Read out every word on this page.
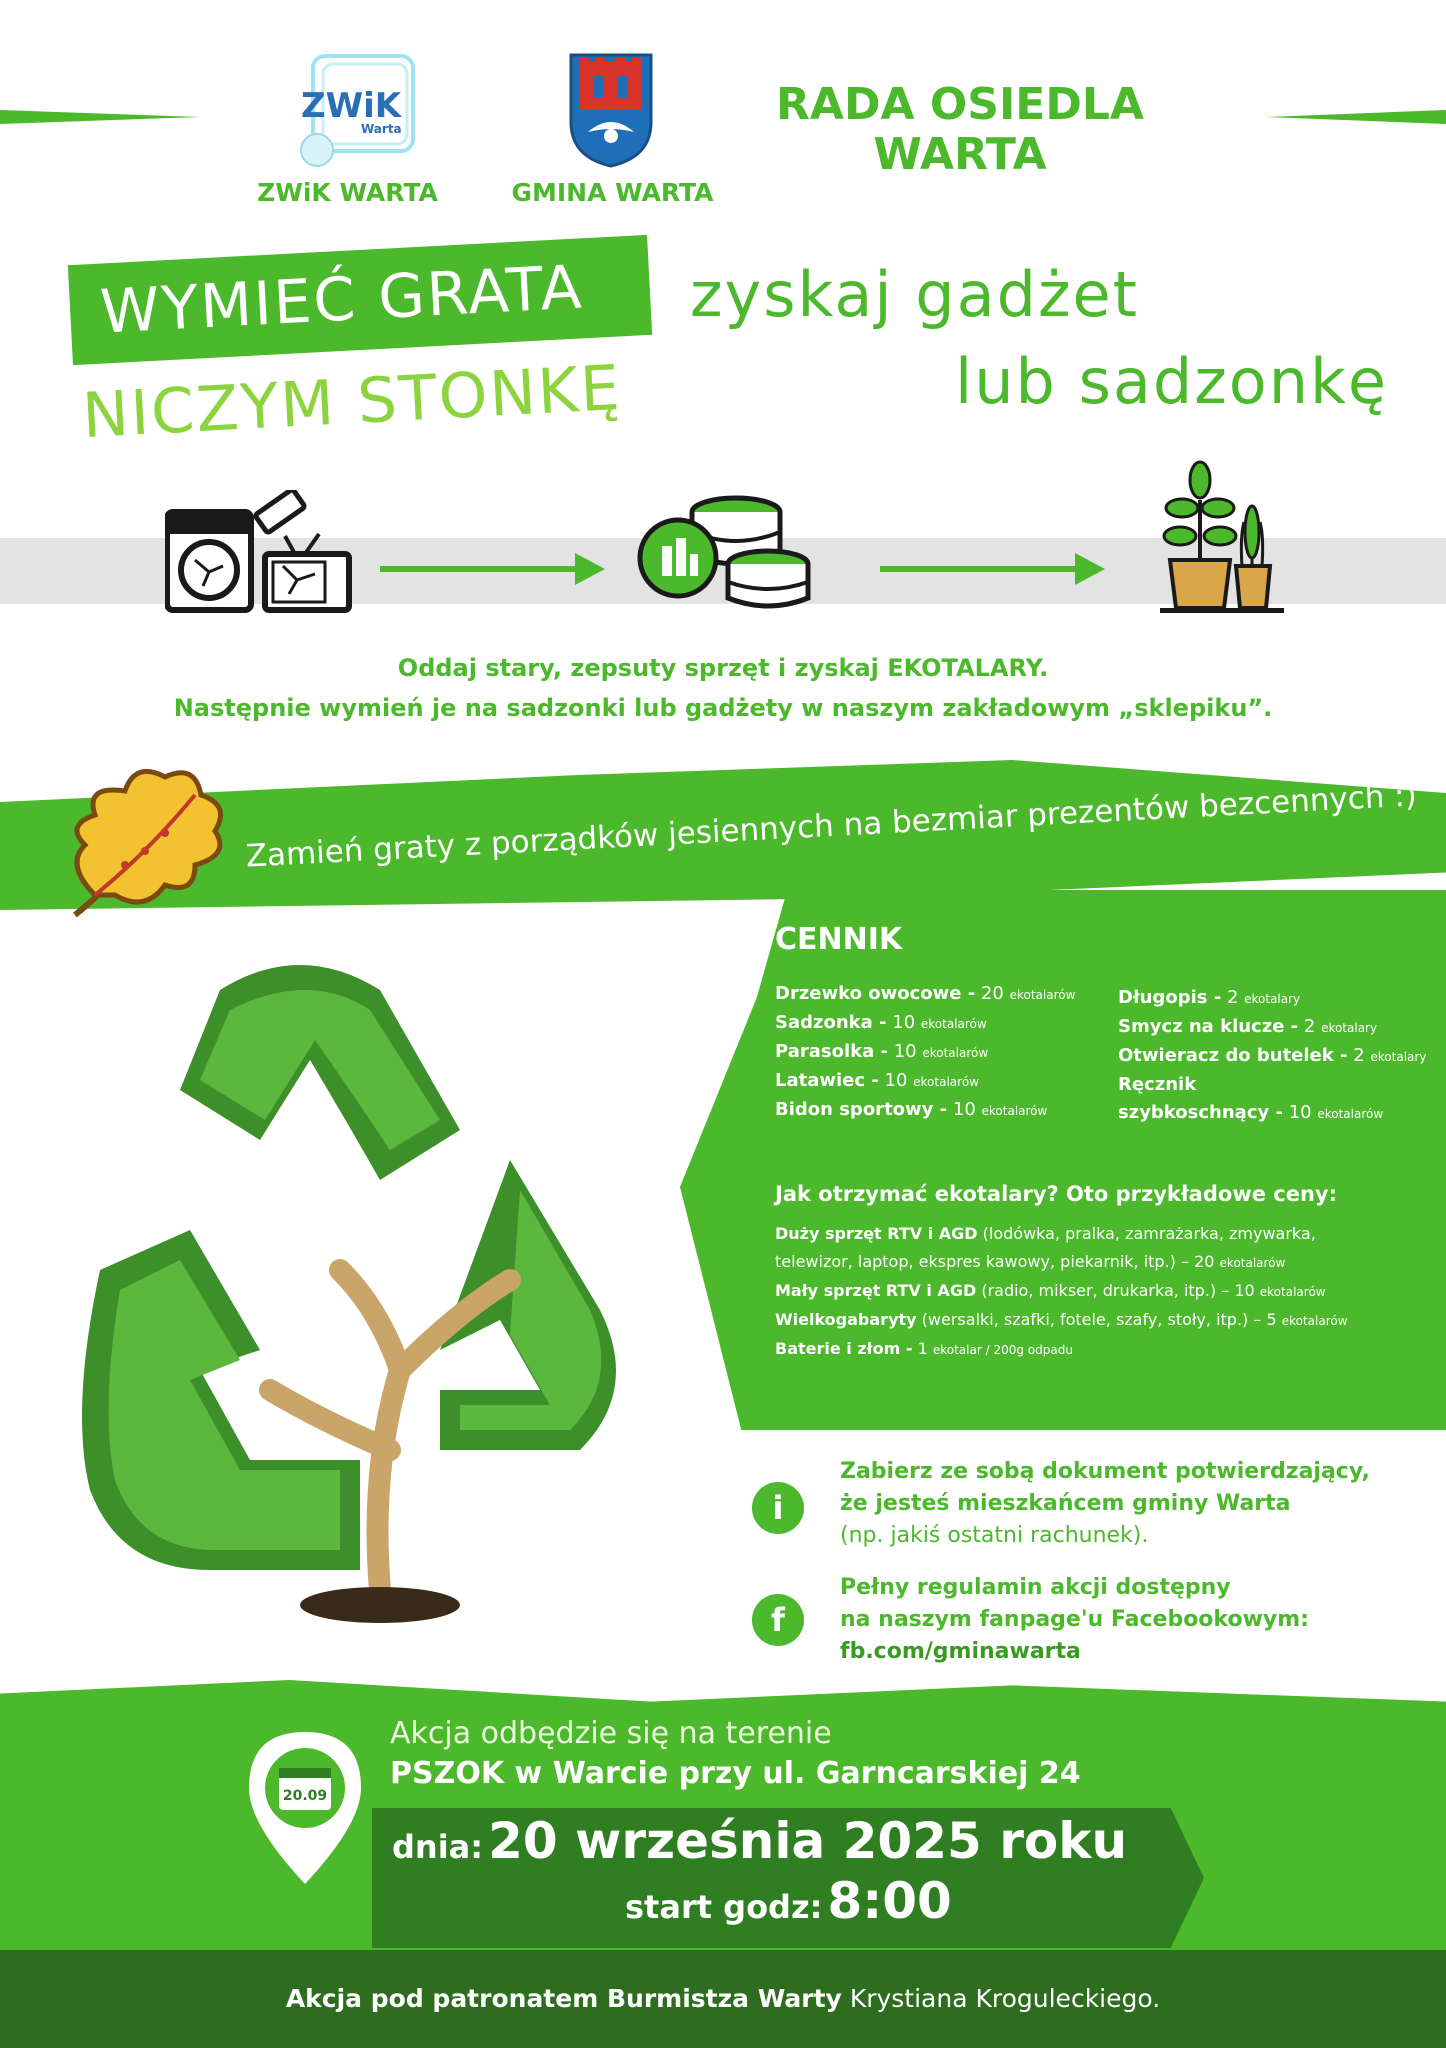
ZWiK
Warta
ZWiK WARTA	GMINA WARTA
RADA OSIEDLA
WARTA
WYMIEĆ GRATA
NICZYM STONKĘ
zyskaj gadżet
lub sadzonkę
Oddaj stary, zepsuty sprzęt i zyskaj EKOTALARY.
Następnie wymień je na sadzonki lub gadżety w naszym zakładowym „sklepiku”.
Zamień graty z porządków jesiennych na bezmiar prezentów bezcennych :)
CENNIK
Drzewko owocowe - 20 ekotalarów
Sadzonka - 10 ekotalarów
Parasolka - 10 ekotalarów
Latawiec - 10 ekotalarów
Bidon sportowy - 10 ekotalarów
Długopis - 2 ekotalary
Smycz na klucze - 2 ekotalary
Otwieracz do butelek - 2 ekotalary
Ręcznik
szybkoschnący - 10 ekotalarów
Jak otrzymać ekotalary? Oto przykładowe ceny:
Duży sprzęt RTV i AGD (lodówka, pralka, zamrażarka, zmywarka,
telewizor, laptop, ekspres kawowy, piekarnik, itp.) – 20 ekotalarów
Mały sprzęt RTV i AGD (radio, mikser, drukarka, itp.) – 10 ekotalarów
Wielkogabaryty (wersalki, szafki, fotele, szafy, stoły, itp.) – 5 ekotalarów
Baterie i złom - 1 ekotalar / 200g odpadu
i
Zabierz ze sobą dokument potwierdzający,
że jesteś mieszkańcem gminy Warta
(np. jakiś ostatni rachunek).
f
Pełny regulamin akcji dostępny
na naszym fanpage'u Facebookowym:
fb.com/gminawarta
20.09
Akcja odbędzie się na terenie
PSZOK w Warcie przy ul. Garncarskiej 24
dnia: 20 września 2025 roku
start godz: 8:00
Akcja pod patronatem Burmistza Warty Krystiana Kroguleckiego.
